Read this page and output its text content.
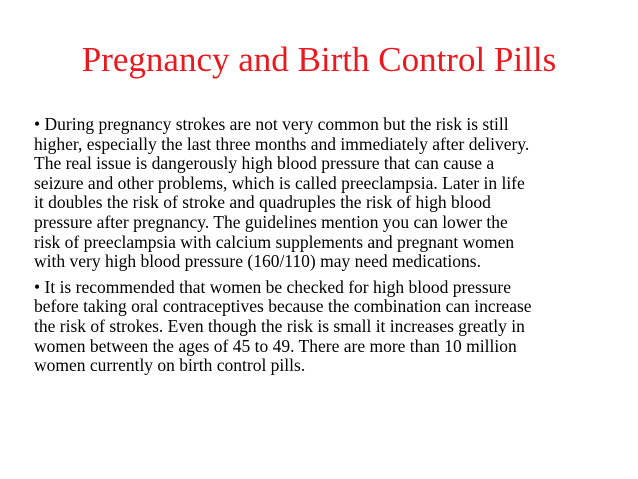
Pregnancy and Birth Control Pills
• During pregnancy strokes are not very common but the risk is still
higher, especially the last three months and immediately after delivery.
The real issue is dangerously high blood pressure that can cause a
seizure and other problems, which is called preeclampsia. Later in life
it doubles the risk of stroke and quadruples the risk of high blood
pressure after pregnancy. The guidelines mention you can lower the
risk of preeclampsia with calcium supplements and pregnant women
with very high blood pressure (160/110) may need medications.
• It is recommended that women be checked for high blood pressure
before taking oral contraceptives because the combination can increase
the risk of strokes. Even though the risk is small it increases greatly in
women between the ages of 45 to 49. There are more than 10 million
women currently on birth control pills.
